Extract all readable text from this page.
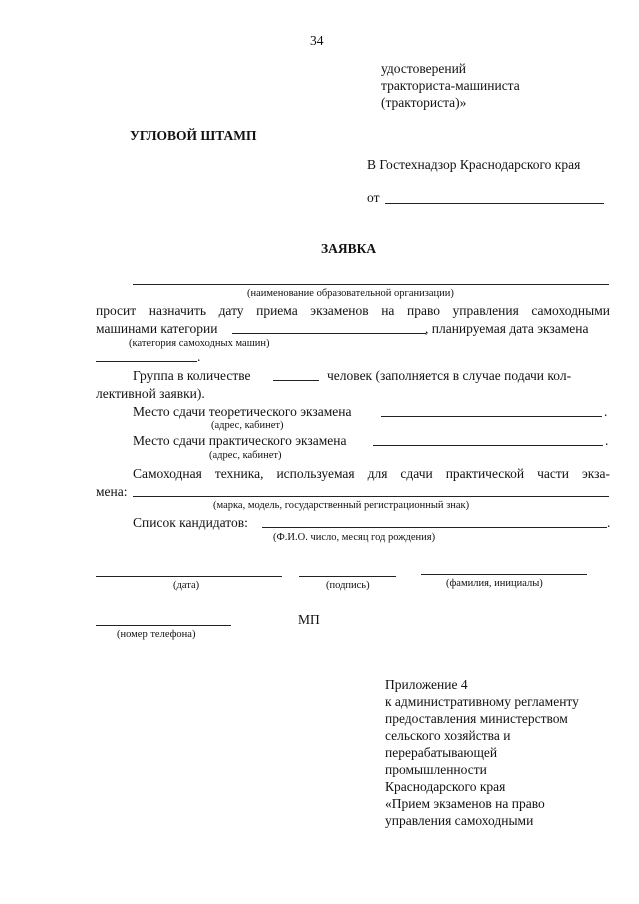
34
удостоверений
тракториста-машиниста
(тракториста)»
УГЛОВОЙ ШТАМП
В Гостехнадзор Краснодарского края
от
ЗАЯВКА
(наименование образовательной организации)
просит назначить дату приема экзаменов на право управления самоходными
машинами категории	, планируемая дата экзамена
(категория самоходных машин)
.
Группа в количестве	человек (заполняется в случае подачи кол-
лективной заявки).
Место сдачи теоретического экзамена	.
(адрес, кабинет)
Место сдачи практического экзамена	.
(адрес, кабинет)
Самоходная техника, используемая для сдачи практической части экза-
мена:
(марка, модель, государственный регистрационный знак)
Список кандидатов:	.
(Ф.И.О. число, месяц год рождения)
(дата)	(подпись)	(фамилия, инициалы)
МП
(номер телефона)
Приложение 4
к административному регламенту
предоставления министерством
сельского хозяйства и
перерабатывающей
промышленности
Краснодарского края
«Прием экзаменов на право
управления самоходными
